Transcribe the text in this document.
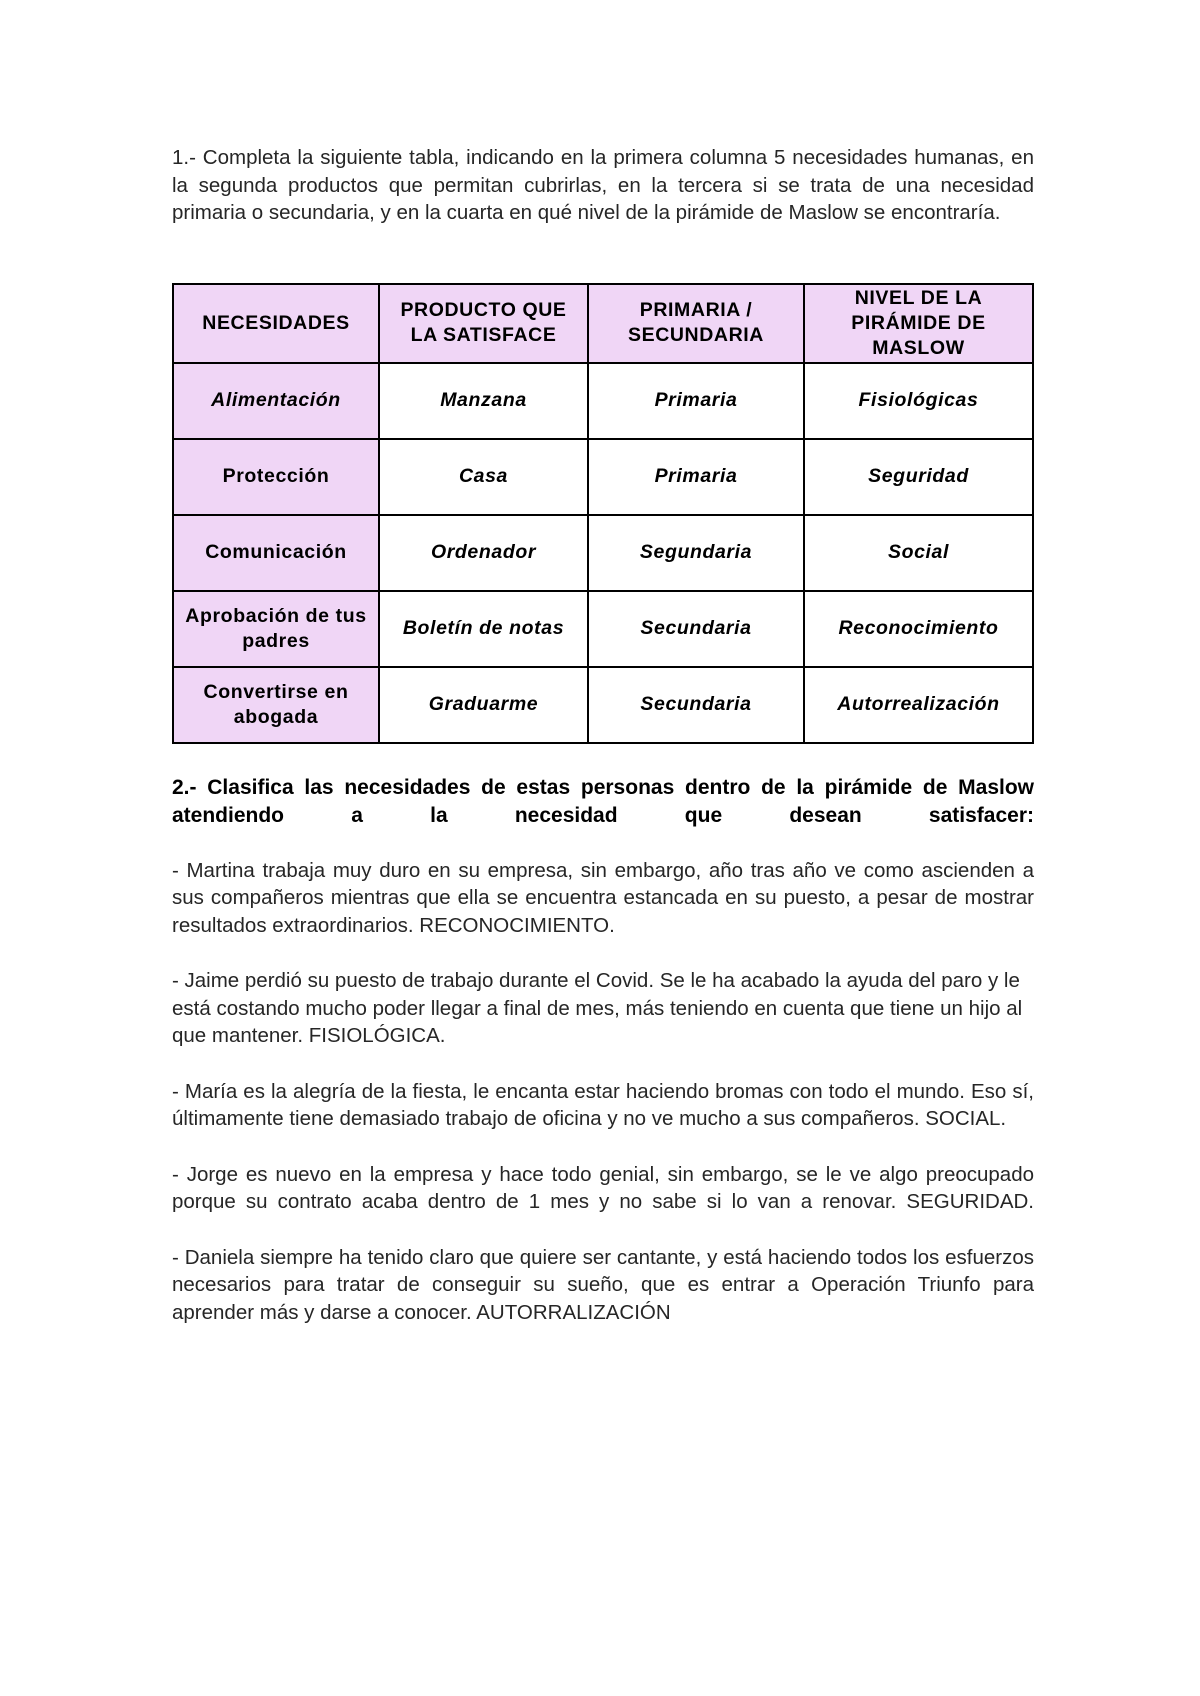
1.- Completa la siguiente tabla, indicando en la primera columna 5 necesidades humanas, en la segunda productos que permitan cubrirlas, en la tercera si se trata de una necesidad primaria o secundaria, y en la cuarta en qué nivel de la pirámide de Maslow se encontraría.

NECESIDADES	PRODUCTO QUE LA SATISFACE	PRIMARIA / SECUNDARIA	NIVEL DE LA PIRÁMIDE DE MASLOW
Alimentación	Manzana	Primaria	Fisiológicas
Protección	Casa	Primaria	Seguridad
Comunicación	Ordenador	Segundaria	Social
Aprobación de tus padres	Boletín de notas	Secundaria	Reconocimiento
Convertirse en abogada	Graduarme	Secundaria	Autorrealización

2.- Clasifica las necesidades de estas personas dentro de la pirámide de Maslow atendiendo a la necesidad que desean satisfacer:

- Martina trabaja muy duro en su empresa, sin embargo, año tras año ve como ascienden a sus compañeros mientras que ella se encuentra estancada en su puesto, a pesar de mostrar resultados extraordinarios. RECONOCIMIENTO.

- Jaime perdió su puesto de trabajo durante el Covid. Se le ha acabado la ayuda del paro y le está costando mucho poder llegar a final de mes, más teniendo en cuenta que tiene un hijo al que mantener. FISIOLÓGICA.

- María es la alegría de la fiesta, le encanta estar haciendo bromas con todo el mundo. Eso sí, últimamente tiene demasiado trabajo de oficina y no ve mucho a sus compañeros. SOCIAL.

- Jorge es nuevo en la empresa y hace todo genial, sin embargo, se le ve algo preocupado porque su contrato acaba dentro de 1 mes y no sabe si lo van a renovar. SEGURIDAD.

- Daniela siempre ha tenido claro que quiere ser cantante, y está haciendo todos los esfuerzos necesarios para tratar de conseguir su sueño, que es entrar a Operación Triunfo para aprender más y darse a conocer. AUTORRALIZACIÓN
